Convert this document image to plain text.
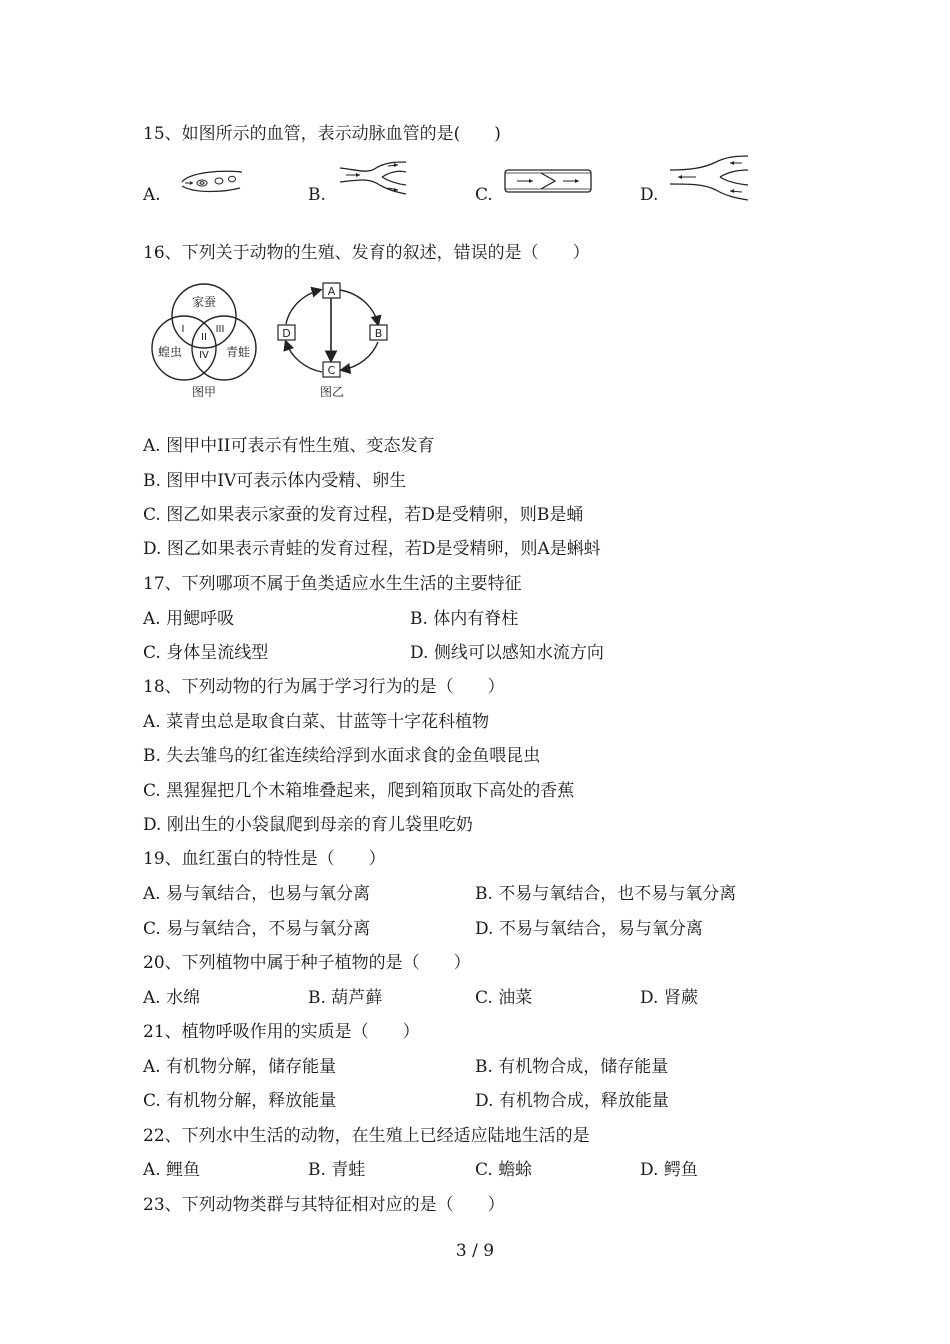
15、如图所示的血管，表示动脉血管的是(　　)
A.	B.	C.	D.
16、下列关于动物的生殖、发育的叙述，错误的是（　　）
家蚕
蝗虫	青蛙
I
II
III
IV
图甲
A
B
C
D
图乙
A. 图甲中II可表示有性生殖、变态发育
B. 图甲中IV可表示体内受精、卵生
C. 图乙如果表示家蚕的发育过程，若D是受精卵，则B是蛹
D. 图乙如果表示青蛙的发育过程，若D是受精卵，则A是蝌蚪
17、下列哪项不属于鱼类适应水生生活的主要特征
A. 用鳃呼吸	B. 体内有脊柱
C. 身体呈流线型	D. 侧线可以感知水流方向
18、下列动物的行为属于学习行为的是（　　）
A. 菜青虫总是取食白菜、甘蓝等十字花科植物
B. 失去雏鸟的红雀连续给浮到水面求食的金鱼喂昆虫
C. 黑猩猩把几个木箱堆叠起来，爬到箱顶取下高处的香蕉
D. 刚出生的小袋鼠爬到母亲的育儿袋里吃奶
19、血红蛋白的特性是（　　）
A. 易与氧结合，也易与氧分离	B. 不易与氧结合，也不易与氧分离
C. 易与氧结合，不易与氧分离	D. 不易与氧结合，易与氧分离
20、下列植物中属于种子植物的是（　　）
A. 水绵	B. 葫芦藓	C. 油菜	D. 肾蕨
21、植物呼吸作用的实质是（　　）
A. 有机物分解，储存能量	B. 有机物合成，储存能量
C. 有机物分解，释放能量	D. 有机物合成，释放能量
22、下列水中生活的动物，在生殖上已经适应陆地生活的是
A. 鲤鱼	B. 青蛙	C. 蟾蜍	D. 鳄鱼
23、下列动物类群与其特征相对应的是（　　）
3 / 9
